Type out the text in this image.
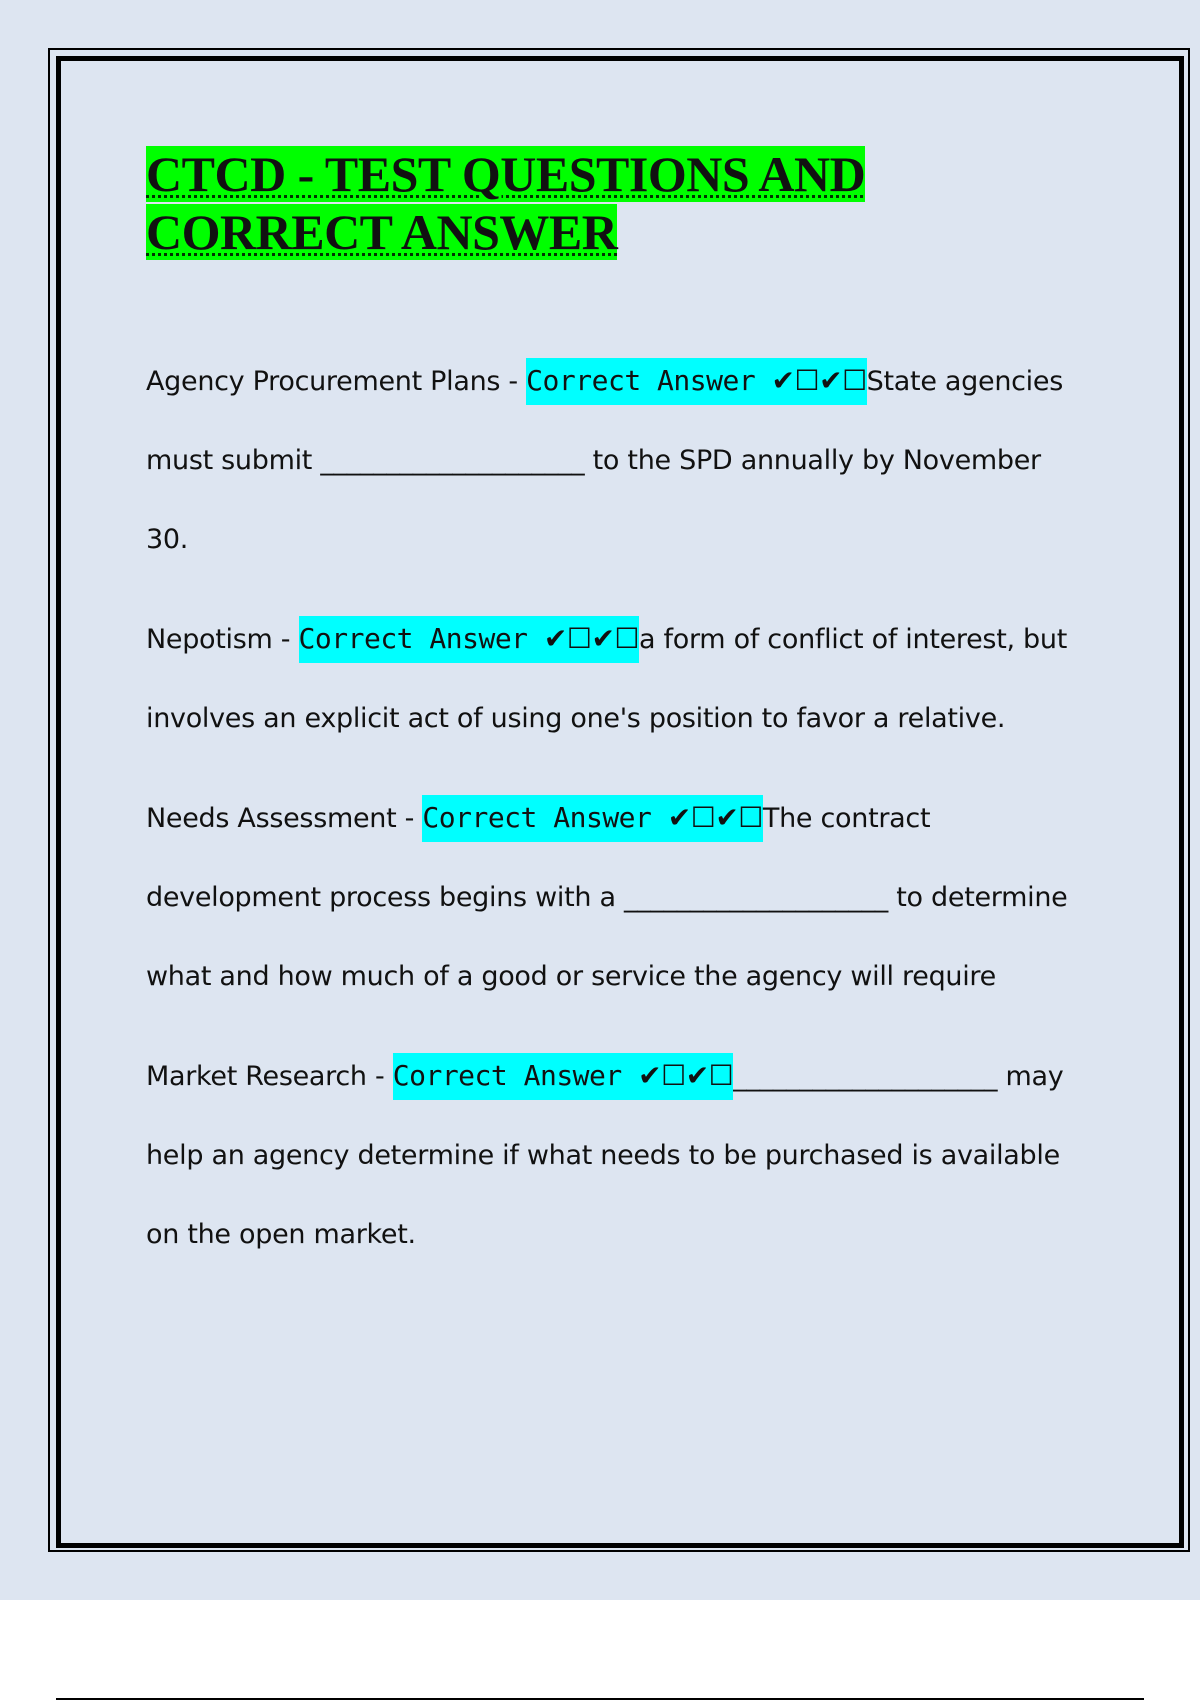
CTCD - TEST QUESTIONS AND CORRECT ANSWER

Agency Procurement Plans - Correct Answer ✔☐✔☐State agencies must submit ____________________ to the SPD annually by November 30.

Nepotism - Correct Answer ✔☐✔☐a form of conflict of interest, but involves an explicit act of using one's position to favor a relative.

Needs Assessment - Correct Answer ✔☐✔☐The contract development process begins with a ____________________ to determine what and how much of a good or service the agency will require

Market Research - Correct Answer ✔☐✔☐____________________ may help an agency determine if what needs to be purchased is available on the open market.
